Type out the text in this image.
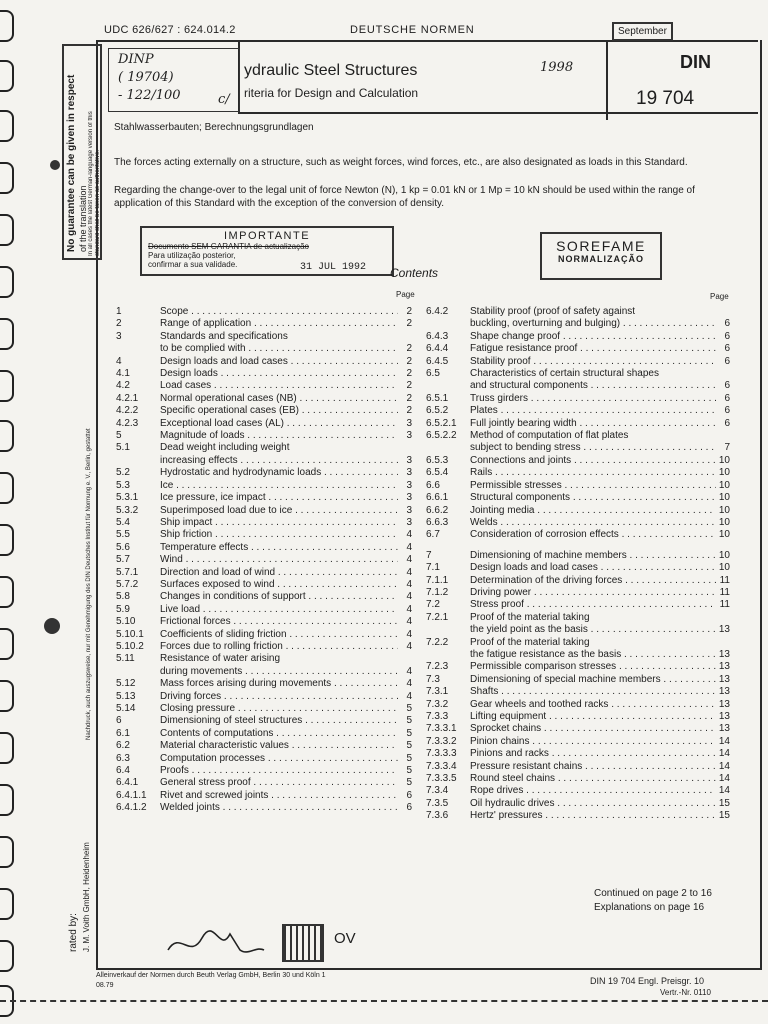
UDC 626/627 : 624.014.2	DEUTSCHE NORMEN	September
1998	DIN
19 704
DINP
( 19704)
- 122/100	c/
ydraulic Steel Structures
riteria for Design and Calculation
Stahlwasserbauten; Berechnungsgrundlagen
The forces acting externally on a structure, such as weight forces, wind forces, etc., are also designated as loads in this Standard.
Regarding the change-over to the legal unit of force Newton (N), 1 kp = 0.01 kN or 1 Mp = 10 kN should be used within the range of application of this Standard with the exception of the conversion of density.
IMPORTANTE
Documento SEM GARANTIA de actualização
Para utilização posterior,
confirmar a sua validade.	31 JUL 1992 Contents
SOREFAME
NORMALIZAÇÃO
Page	Page
1	Scope . . .	2
2	Range of application . . .	2
3	Standards and specifications
to be complied with . . .	2
4	Design loads and load cases . . .	2
4.1	Design loads . . .	2
4.2	Load cases . . .	2
4.2.1	Normal operational cases (NB) . . .	2
4.2.2	Specific operational cases (EB) . . .	2
4.2.3	Exceptional load cases (AL) . . .	3
5	Magnitude of loads . . .	3
5.1	Dead weight including weight
increasing effects . . .	3
5.2	Hydrostatic and hydrodynamic loads . . .	3
5.3	Ice . . .	3
5.3.1	Ice pressure, ice impact . . .	3
5.3.2	Superimposed load due to ice . . .	3
5.4	Ship impact . . .	3
5.5	Ship friction . . .	4
5.6	Temperature effects . . .	4
5.7	Wind . . .	4
5.7.1	Direction and load of wind . . .	4
5.7.2	Surfaces exposed to wind . . .	4
5.8	Changes in conditions of support . . .	4
5.9	Live load . . .	4
5.10	Frictional forces . . .	4
5.10.1	Coefficients of sliding friction . . .	4
5.10.2	Forces due to rolling friction . . .	4
5.11	Resistance of water arising
during movements . . .	4
5.12	Mass forces arising during movements . . .	4
5.13	Driving forces . . .	4
5.14	Closing pressure . . .	5
6	Dimensioning of steel structures . . .	5
6.1	Contents of computations . . .	5
6.2	Material characteristic values . . .	5
6.3	Computation processes . . .	5
6.4	Proofs . . .	5
6.4.1	General stress proof . . .	5
6.4.1.1	Rivet and screwed joints . . .	6
6.4.1.2	Welded joints . . .	6
6.4.2	Stability proof (proof of safety against
buckling, overturning and bulging) . . .	6
6.4.3	Shape change proof . . .	6
6.4.4	Fatigue resistance proof . . .	6
6.4.5	Stability proof . . .	6
6.5	Characteristics of certain structural shapes
and structural components . . .	6
6.5.1	Truss girders . . .	6
6.5.2	Plates . . .	6
6.5.2.1	Full jointly bearing width . . .	6
6.5.2.2	Method of computation of flat plates
subject to bending stress . . .	7
6.5.3	Connections and joints . . .	10
6.5.4	Rails . . .	10
6.6	Permissible stresses . . .	10
6.6.1	Structural components . . .	10
6.6.2	Jointing media . . .	10
6.6.3	Welds . . .	10
6.7	Consideration of corrosion effects . . .	10
7	Dimensioning of machine members . . .	10
7.1	Design loads and load cases . . .	10
7.1.1	Determination of the driving forces . . .	11
7.1.2	Driving power . . .	11
7.2	Stress proof . . .	11
7.2.1	Proof of the material taking
the yield point as the basis . . .	13
7.2.2	Proof of the material taking
the fatigue resistance as the basis . . .	13
7.2.3	Permissible comparison stresses . . .	13
7.3	Dimensioning of special machine members . . .	13
7.3.1	Shafts . . .	13
7.3.2	Gear wheels and toothed racks . . .	13
7.3.3	Lifting equipment . . .	13
7.3.3.1	Sprocket chains . . .	13
7.3.3.2	Pinion chains . . .	14
7.3.3.3	Pinions and racks . . .	14
7.3.3.4	Pressure resistant chains . . .	14
7.3.3.5	Round steel chains . . .	14
7.3.4	Rope drives . . .	14
7.3.5	Oil hydraulic drives . . .	15
7.3.6	Hertz' pressures . . .	15
Continued on page 2 to 16
Explanations on page 16
Alleinverkauf der Normen durch Beuth Verlag GmbH, Berlin 30 und Köln 1
08.79	DIN 19 704 Engl. Preisgr. 10
Vertr.-Nr. 0110
OV
No guarantee can be given in respect of the translation In all cases the latest German-language version of this standard shall be taken as authoritative.
Nachdruck, auch auszugsweise, nur mit Genehmigung des DIN Deutsches Institut für Normung e. V., Berlin, gestattet
rated by: J. M. Voith GmbH, Heidenheim
